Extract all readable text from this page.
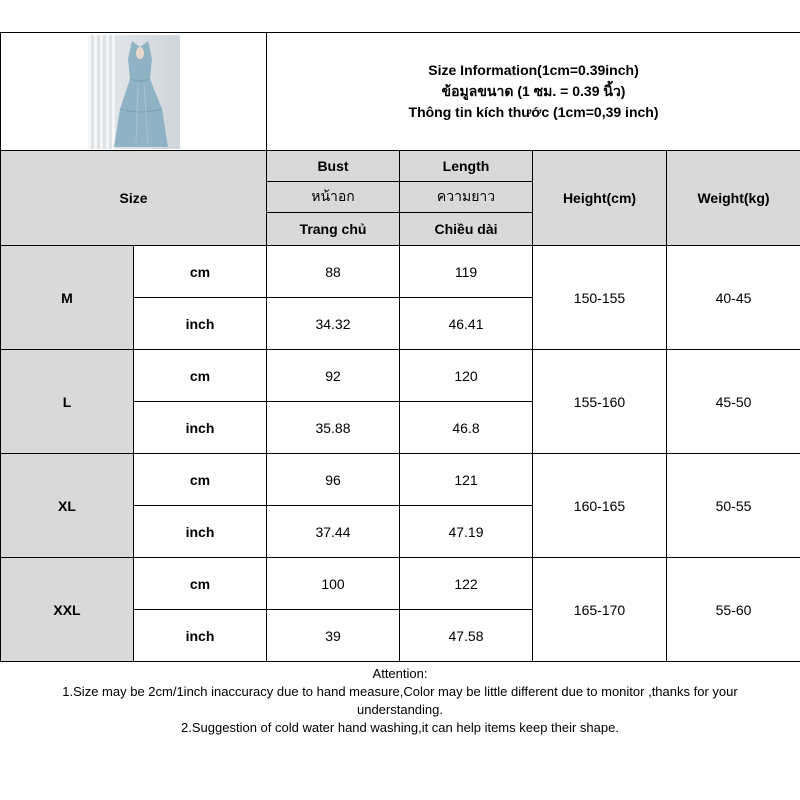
Size Information(1cm=0.39inch)
ข้อมูลขนาด (1 ซม. = 0.39 นิ้ว)
Thông tin kích thước (1cm=0,39 inch)			

Size		Bust	Length	Height(cm)	Weight(kg)
		หน้าอก	ความยาว		
		Trang chủ	Chiều dài		
M	cm	88	119	150-155	40-45
	inch	34.32	46.41		
L	cm	92	120	155-160	45-50
	inch	35.88	46.8		
XL	cm	96	121	160-165	50-55
	inch	37.44	47.19		
XXL	cm	100	122	165-170	55-60
	inch	39	47.58		

Attention:

1.Size may be 2cm/1inch inaccuracy due to hand measure,Color may be little different due to monitor ,thanks for your understanding.

2.Suggestion of cold water hand washing,it can help items keep their shape.
